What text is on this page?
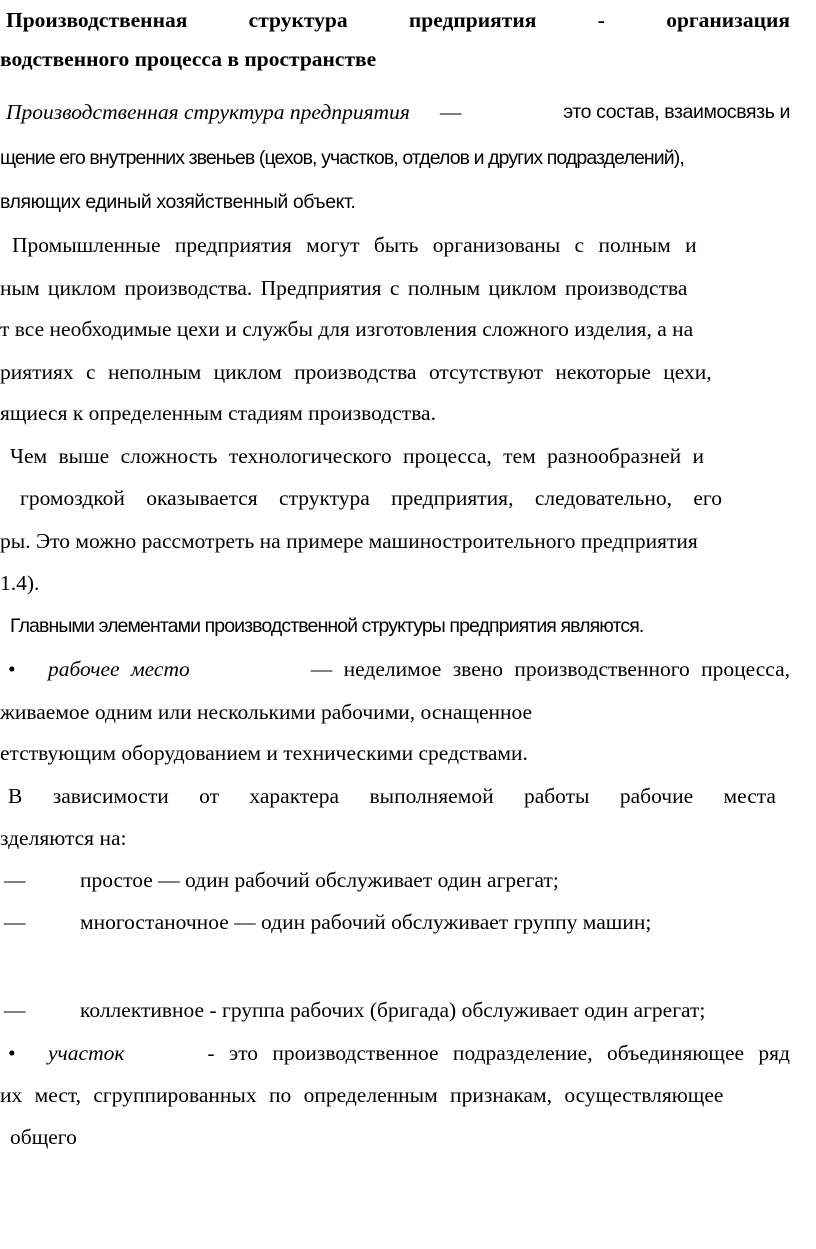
Производственная	структура	предприятия	-	организация
водственного процесса в пространстве
Производственная структура предприятия —	это состав, взаимосвязь и
щение его внутренних звеньев (цехов, участков, отделов и других подразделений),
вляющих единый хозяйственный объект.
Промышленные предприятия могут быть организованы с полным и
ным циклом производства. Предприятия с полным циклом производства
т все необходимые цехи и службы для изготовления сложного изделия, а на
риятиях с неполным циклом производства отсутствуют некоторые цехи,
ящиеся к определенным стадиям производства.
Чем выше сложность технологического процесса, тем разнообразней и
громоздкой оказывается структура предприятия, следовательно, его
ры. Это можно рассмотреть на примере машиностроительного предприятия
1.4).
Главными элементами производственной структуры предприятия являются.
• рабочее место	— неделимое звено производственного процесса,
живаемое одним или несколькими рабочими, оснащенное
етствующим оборудованием и техническими средствами.
В зависимости от характера выполняемой работы рабочие места
зделяются на:
—	простое — один рабочий обслуживает один агрегат;
—	многостаночное — один рабочий обслуживает группу машин;
—	коллективное - группа рабочих (бригада) обслуживает один агрегат;
• участок	- это производственное подразделение, объединяющее ряд
их мест, сгруппированных по определенным признакам, осуществляющее
общего
